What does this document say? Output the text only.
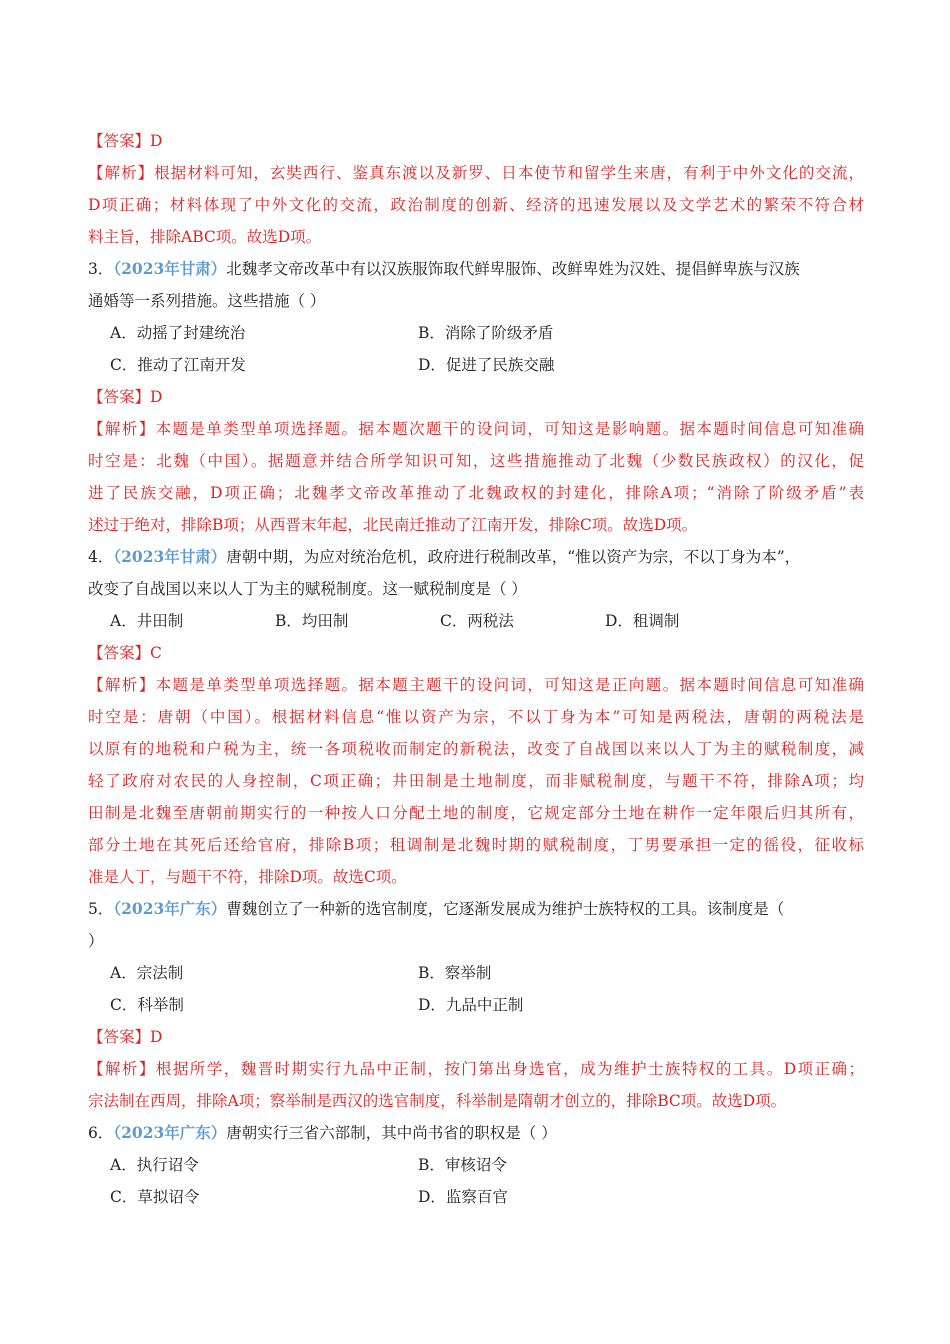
【答案】D
【解析】根据材料可知，玄奘西行、鉴真东渡以及新罗、日本使节和留学生来唐，有利于中外文化的交流，
D项正确；材料体现了中外文化的交流，政治制度的创新、经济的迅速发展以及文学艺术的繁荣不符合材
料主旨，排除ABC项。故选D项。
3．（2023年甘肃）北魏孝文帝改革中有以汉族服饰取代鲜卑服饰、改鲜卑姓为汉姓、提倡鲜卑族与汉族
通婚等一系列措施。这些措施（ ）
A．动摇了封建统治	B．消除了阶级矛盾
C．推动了江南开发	D．促进了民族交融
【答案】D
【解析】本题是单类型单项选择题。据本题次题干的设问词，可知这是影响题。据本题时间信息可知准确
时空是：北魏（中国）。据题意并结合所学知识可知，这些措施推动了北魏（少数民族政权）的汉化，促
进了民族交融，D项正确；北魏孝文帝改革推动了北魏政权的封建化，排除A项；“消除了阶级矛盾”表
述过于绝对，排除B项；从西晋末年起，北民南迁推动了江南开发，排除C项。故选D项。
4．（2023年甘肃）唐朝中期，为应对统治危机，政府进行税制改革，“惟以资产为宗，不以丁身为本”，
改变了自战国以来以人丁为主的赋税制度。这一赋税制度是（ ）
A．井田制	B．均田制	C．两税法	D．租调制
【答案】C
【解析】本题是单类型单项选择题。据本题主题干的设问词，可知这是正向题。据本题时间信息可知准确
时空是：唐朝（中国）。根据材料信息“惟以资产为宗，不以丁身为本”可知是两税法，唐朝的两税法是
以原有的地税和户税为主，统一各项税收而制定的新税法，改变了自战国以来以人丁为主的赋税制度，减
轻了政府对农民的人身控制，C项正确；井田制是土地制度，而非赋税制度，与题干不符，排除A项；均
田制是北魏至唐朝前期实行的一种按人口分配土地的制度，它规定部分土地在耕作一定年限后归其所有，
部分土地在其死后还给官府，排除B项；租调制是北魏时期的赋税制度，丁男要承担一定的徭役，征收标
准是人丁，与题干不符，排除D项。故选C项。
5．（2023年广东）曹魏创立了一种新的选官制度，它逐渐发展成为维护士族特权的工具。该制度是（
）
A．宗法制	B．察举制
C．科举制	D．九品中正制
【答案】D
【解析】根据所学，魏晋时期实行九品中正制，按门第出身选官，成为维护士族特权的工具。D项正确；
宗法制在西周，排除A项；察举制是西汉的选官制度，科举制是隋朝才创立的，排除BC项。故选D项。
6．（2023年广东）唐朝实行三省六部制，其中尚书省的职权是（ ）
A．执行诏令	B．审核诏令
C．草拟诏令	D．监察百官
